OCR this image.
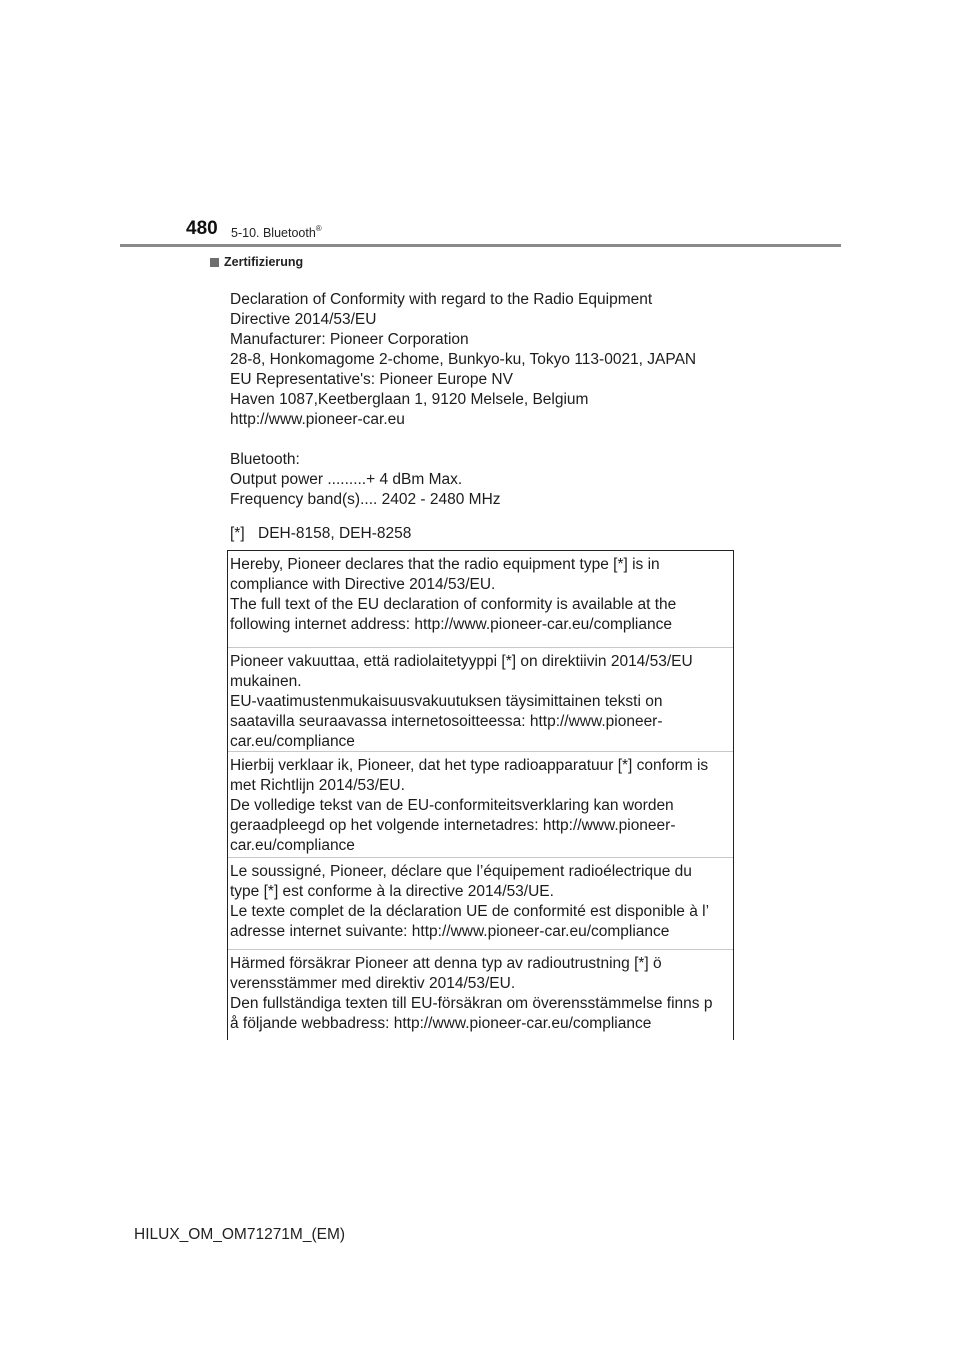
480 5-10. Bluetooth®
Zertifizierung
Declaration of Conformity with regard to the Radio Equipment
Directive 2014/53/EU
Manufacturer: Pioneer Corporation
28-8, Honkomagome 2-chome, Bunkyo-ku, Tokyo 113-0021, JAPAN
EU Representative's: Pioneer Europe NV
Haven 1087,Keetberglaan 1, 9120 Melsele, Belgium
http://www.pioneer-car.eu
Bluetooth:
Output power .........+ 4 dBm Max.
Frequency band(s).... 2402 - 2480 MHz
[*] DEH-8158, DEH-8258
Hereby, Pioneer declares that the radio equipment type [*] is in
compliance with Directive 2014/53/EU.
The full text of the EU declaration of conformity is available at the
following internet address: http://www.pioneer-car.eu/compliance
Pioneer vakuuttaa, että radiolaitetyyppi [*] on direktiivin 2014/53/EU
mukainen.
EU-vaatimustenmukaisuusvakuutuksen täysimittainen teksti on
saatavilla seuraavassa internetosoitteessa: http://www.pioneer-
car.eu/compliance
Hierbij verklaar ik, Pioneer, dat het type radioapparatuur [*] conform is
met Richtlijn 2014/53/EU.
De volledige tekst van de EU-conformiteitsverklaring kan worden
geraadpleegd op het volgende internetadres: http://www.pioneer-
car.eu/compliance
Le soussigné, Pioneer, déclare que l’équipement radioélectrique du
type [*] est conforme à la directive 2014/53/UE.
Le texte complet de la déclaration UE de conformité est disponible à l’
adresse internet suivante: http://www.pioneer-car.eu/compliance
Härmed försäkrar Pioneer att denna typ av radioutrustning [*] ö
verensstämmer med direktiv 2014/53/EU.
Den fullständiga texten till EU-försäkran om överensstämmelse finns p
å följande webbadress: http://www.pioneer-car.eu/compliance
HILUX_OM_OM71271M_(EM)
